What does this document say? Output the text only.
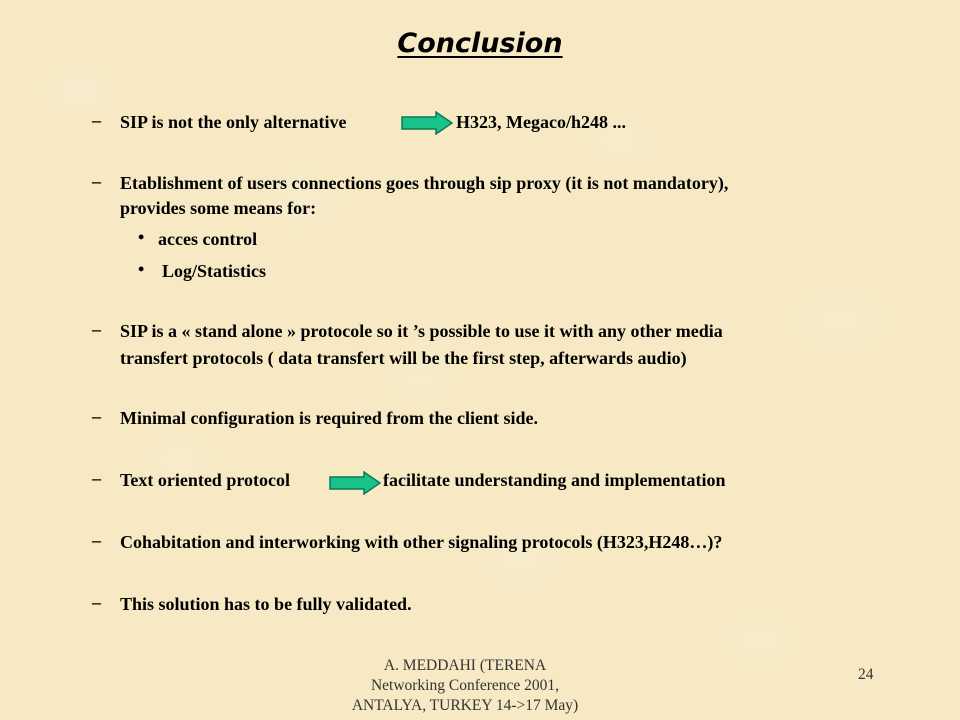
Conclusion
– SIP is not the only alternative	H323, Megaco/h248 ...
– Etablishment of users connections goes through sip proxy (it is not mandatory),
provides some means for:
• acces control
• Log/Statistics
– SIP is a « stand alone » protocole so it ’s possible to use it with any other media
transfert protocols ( data transfert will be the first step, afterwards audio)
– Minimal configuration is required from the client side.
– Text oriented protocol	facilitate understanding and implementation
– Cohabitation and interworking with other signaling protocols (H323,H248…)?
– This solution has to be fully validated.
A. MEDDAHI (TERENA
Networking Conference 2001,
ANTALYA, TURKEY 14->17 May)
24
